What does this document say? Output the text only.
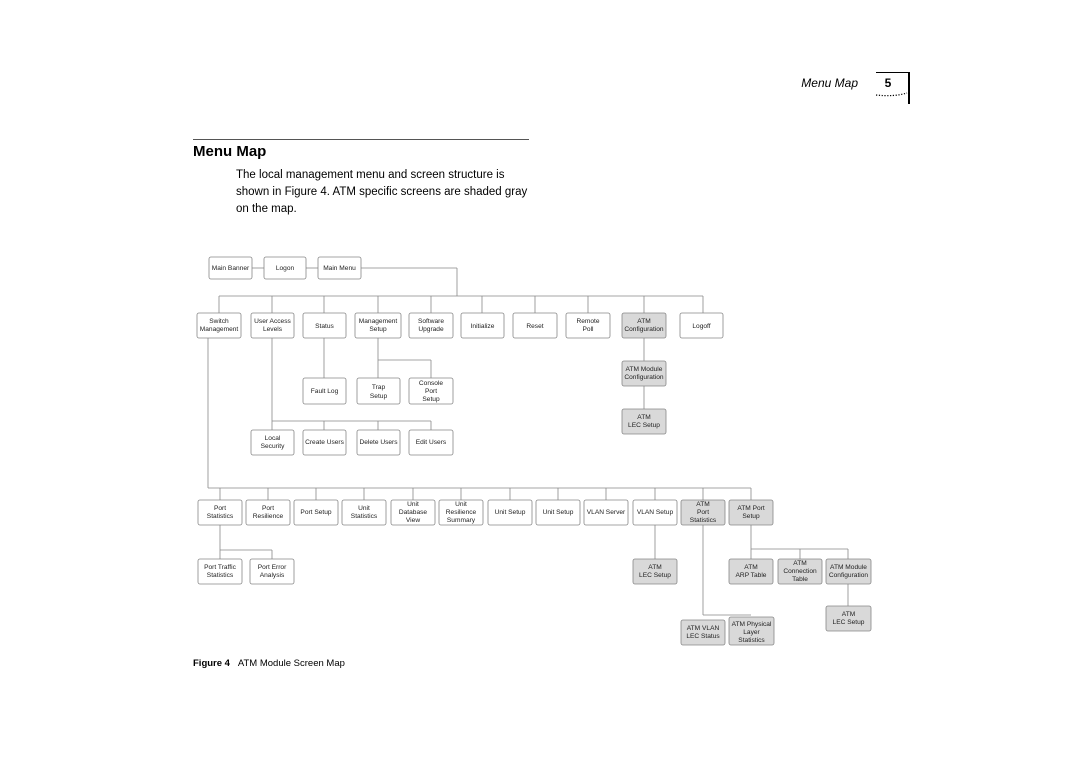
Menu Map	5
Menu Map

The local management menu and screen structure is shown in Figure 4. ATM specific screens are shaded gray on the map.

Main Banner	Logon	Main Menu
Switch
Management
User Access
Levels	Status
Management
Setup
Software
Upgrade	Initialize	Reset
Remote
Poll
ATM
Configuration	Logoff
ATM Module
Configuration
ATM
LEC Setup
Fault Log
Trap
Setup
Console
Port
Setup
Local
Security
Create Users Delete Users	Edit Users
Port
Statistics
Port
Resilience
Port Setup
Unit
Statistics
Unit
Database
View
Unit
Resilience
Summary
Unit Setup	Unit Setup VLAN Server VLAN Setup
ATM
Port
Statistics
ATM Port
Setup
Port Traffic
Statistics
Port Error
Analysis
ATM
LEC Setup
ATM
ARP Table
ATM
Connection
Table
ATM Module
Configuration
ATM
LEC Setup
ATM VLAN
LEC Status
ATM Physical
Layer
Statistics
Figure 4 ATM Module Screen Map
